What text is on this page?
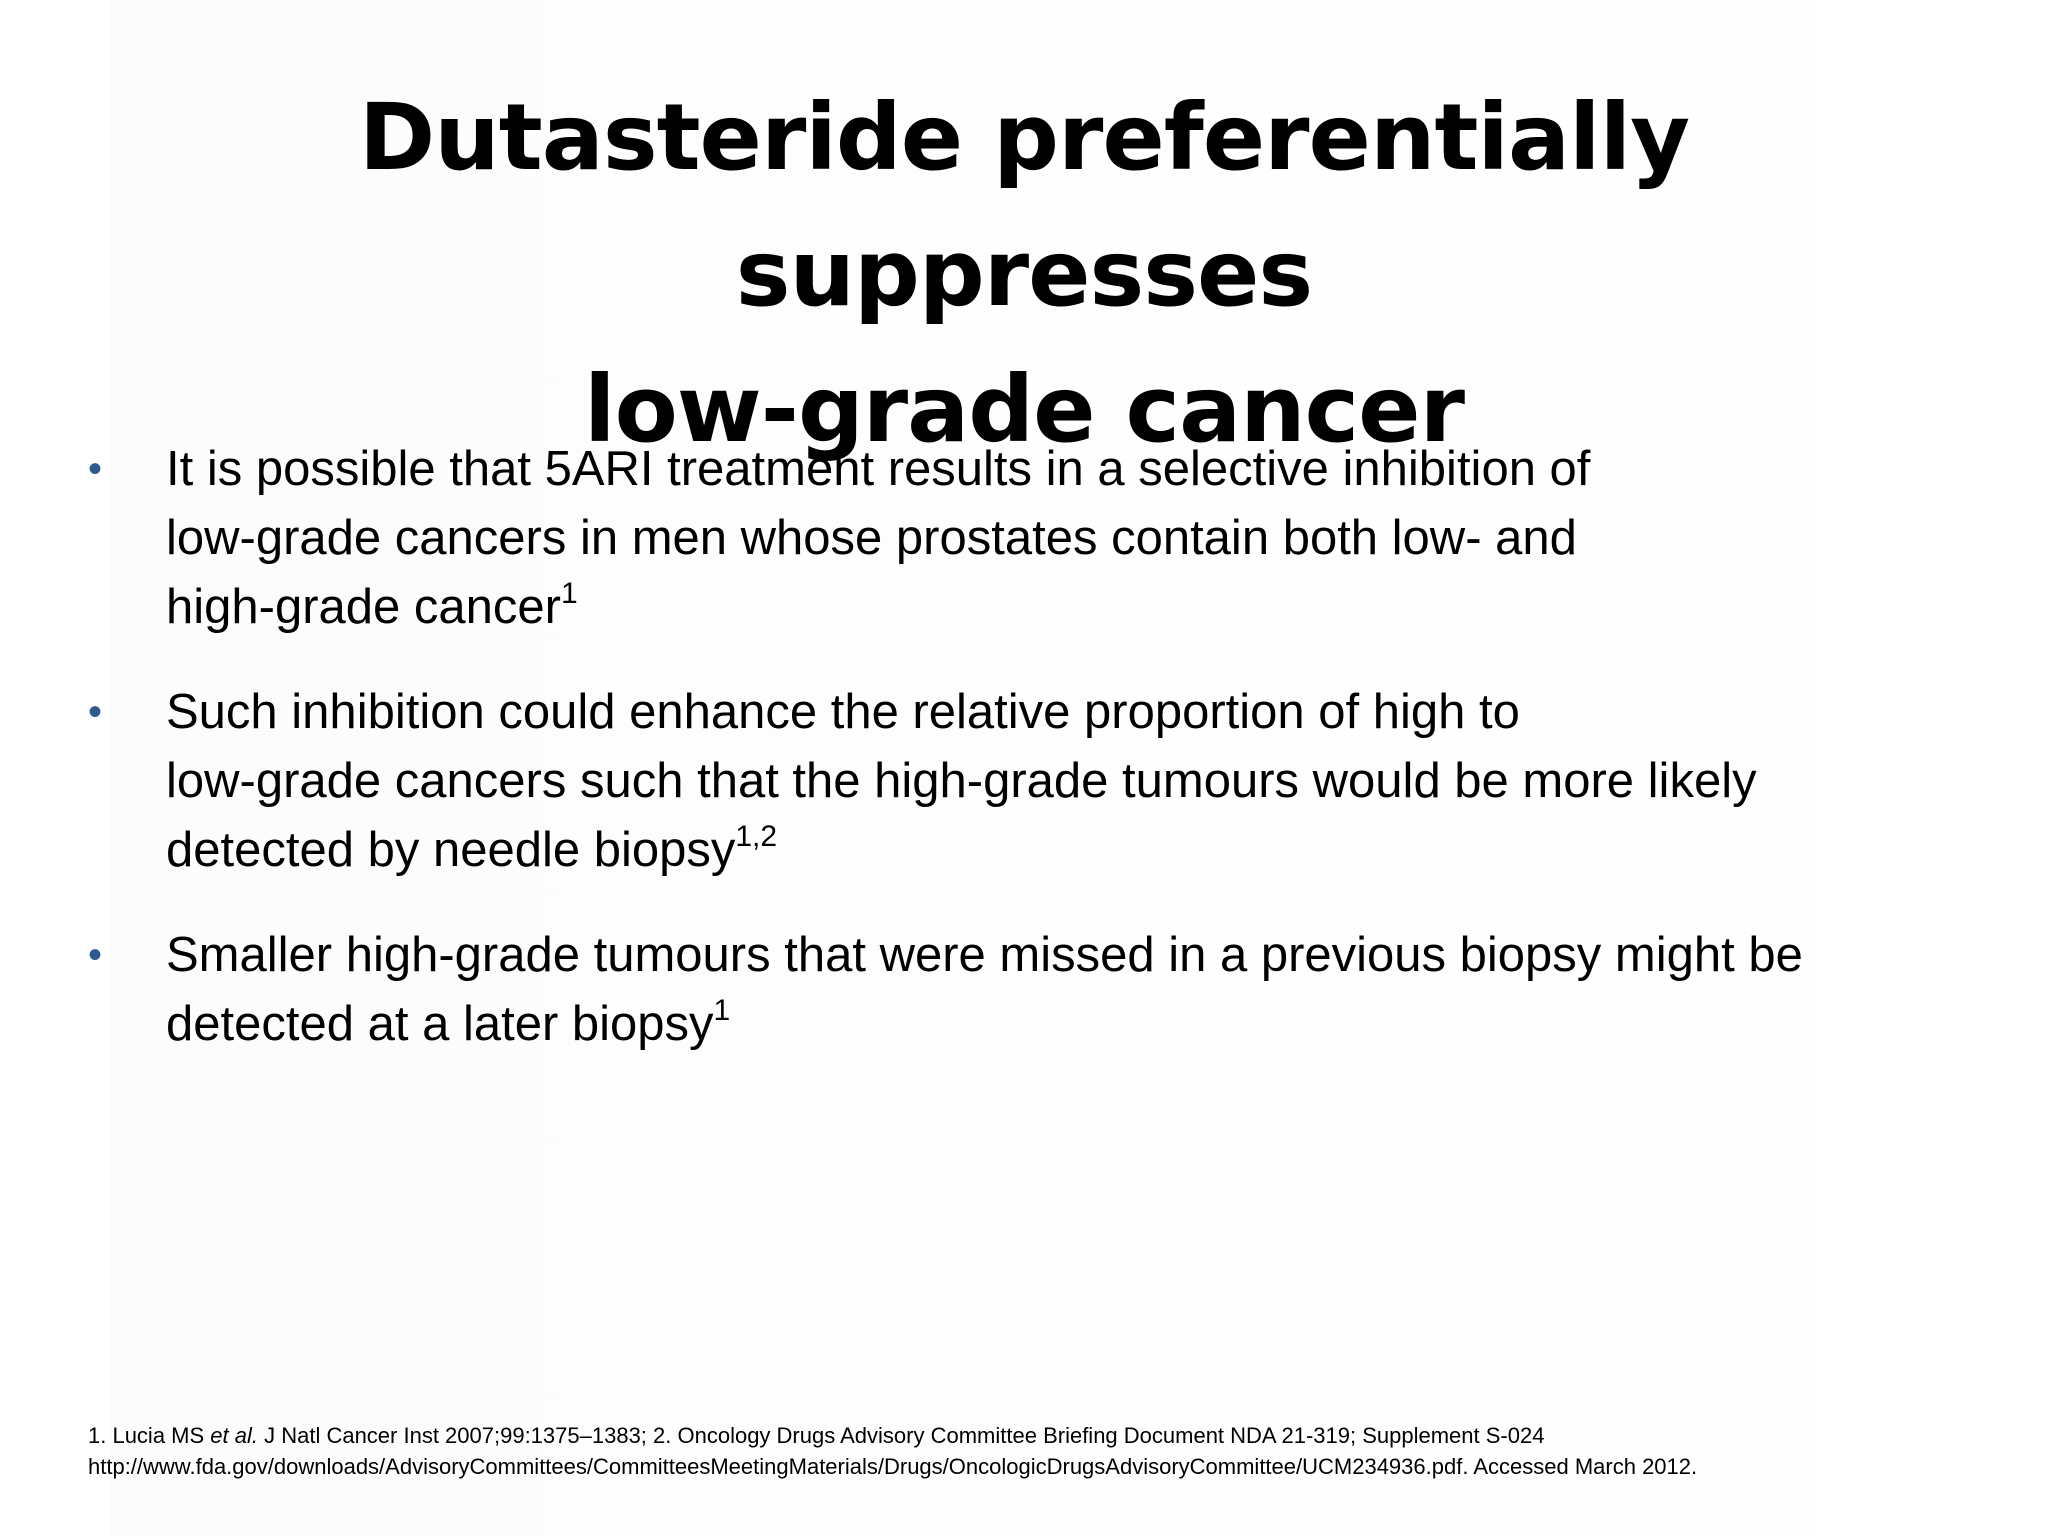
Dutasteride preferentially suppresses
low-grade cancer
• It is possible that 5ARI treatment results in a selective inhibition of
low-grade cancers in men whose prostates contain both low- and
high-grade cancer$^1$
• Such inhibition could enhance the relative proportion of high to
low-grade cancers such that the high-grade tumours would be more likely
detected by needle biopsy$^{1,2}$
• Smaller high-grade tumours that were missed in a previous biopsy might be
detected at a later biopsy$^1$
1. Lucia MS et al. J Natl Cancer Inst 2007;99:1375–1383; 2. Oncology Drugs Advisory Committee Briefing Document NDA 21-319; Supplement S-024
http://www.fda.gov/downloads/AdvisoryCommittees/CommitteesMeetingMaterials/Drugs/OncologicDrugsAdvisoryCommittee/UCM234936.pdf. Accessed March 2012.
